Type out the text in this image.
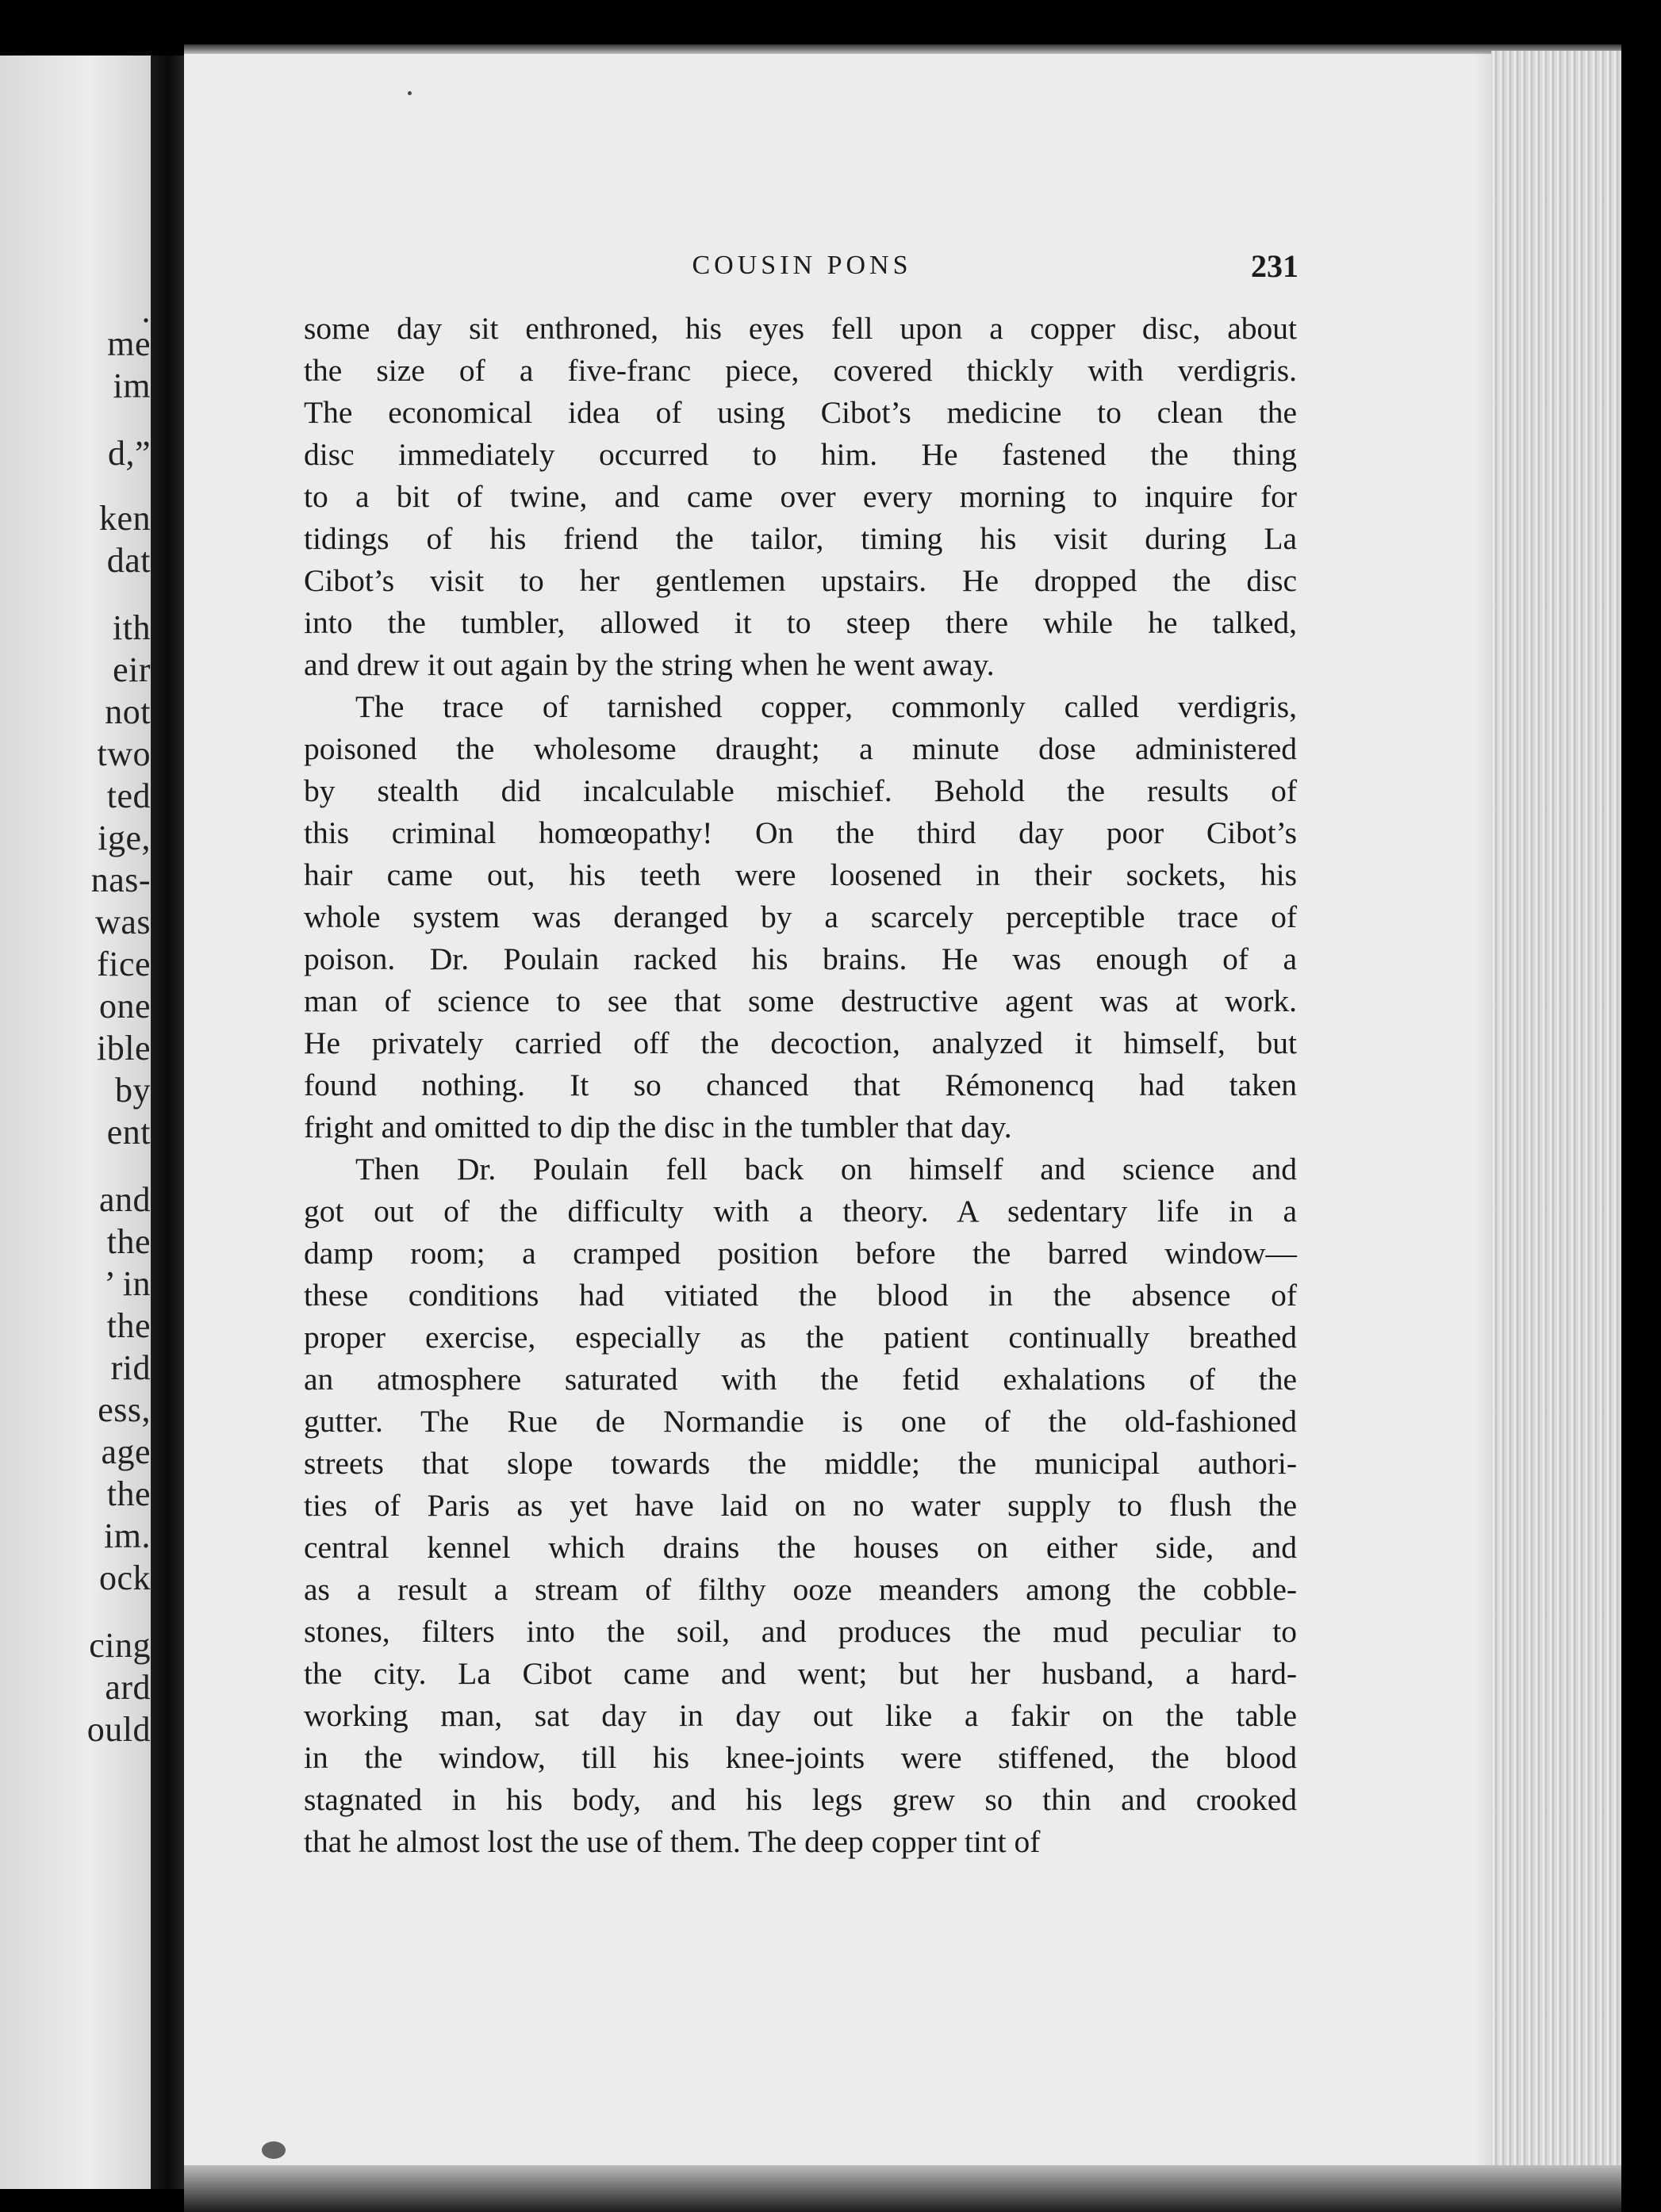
.
me
im
d,”
ken
dat
ith
eir
not
two
ted
ige,
nas-
was
fice
one
ible
by
ent
and
the
’ in
the
rid
ess,
age
the
im.
ock
cing
ard
ould
COUSIN PONS	231
some day sit enthroned, his eyes fell upon a copper disc, about
the size of a five-franc piece, covered thickly with verdigris.
The economical idea of using Cibot’s medicine to clean the
disc immediately occurred to him. He fastened the thing
to a bit of twine, and came over every morning to inquire for
tidings of his friend the tailor, timing his visit during La
Cibot’s visit to her gentlemen upstairs. He dropped the disc
into the tumbler, allowed it to steep there while he talked,
and drew it out again by the string when he went away.
The trace of tarnished copper, commonly called verdigris,
poisoned the wholesome draught; a minute dose administered
by stealth did incalculable mischief. Behold the results of
this criminal homœopathy! On the third day poor Cibot’s
hair came out, his teeth were loosened in their sockets, his
whole system was deranged by a scarcely perceptible trace of
poison. Dr. Poulain racked his brains. He was enough of a
man of science to see that some destructive agent was at work.
He privately carried off the decoction, analyzed it himself, but
found nothing. It so chanced that Rémonencq had taken
fright and omitted to dip the disc in the tumbler that day.
Then Dr. Poulain fell back on himself and science and
got out of the difficulty with a theory. A sedentary life in a
damp room; a cramped position before the barred window—
these conditions had vitiated the blood in the absence of
proper exercise, especially as the patient continually breathed
an atmosphere saturated with the fetid exhalations of the
gutter. The Rue de Normandie is one of the old-fashioned
streets that slope towards the middle; the municipal authori-
ties of Paris as yet have laid on no water supply to flush the
central kennel which drains the houses on either side, and
as a result a stream of filthy ooze meanders among the cobble-
stones, filters into the soil, and produces the mud peculiar to
the city. La Cibot came and went; but her husband, a hard-
working man, sat day in day out like a fakir on the table
in the window, till his knee-joints were stiffened, the blood
stagnated in his body, and his legs grew so thin and crooked
that he almost lost the use of them. The deep copper tint of
